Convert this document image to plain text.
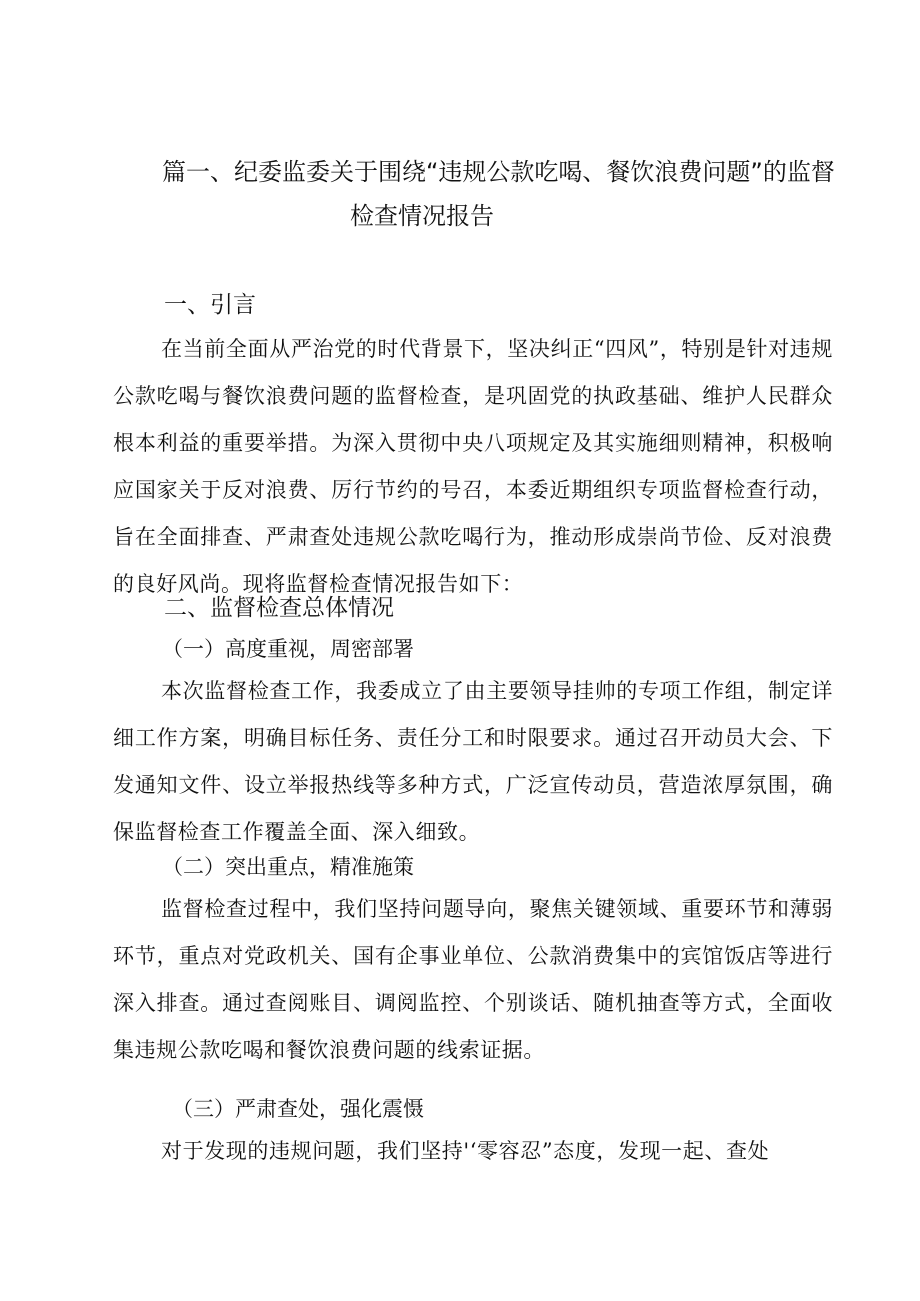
篇一、纪委监委关于围绕“违规公款吃喝、餐饮浪费问题”的监督
检查情况报告
一、引言
在当前全面从严治党的时代背景下，坚决纠正“四风”，特别是针对违规公款吃喝与餐饮浪费问题的监督检查，是巩固党的执政基础、维护人民群众根本利益的重要举措。为深入贯彻中央八项规定及其实施细则精神，积极响应国家关于反对浪费、厉行节约的号召，本委近期组织专项监督检查行动，旨在全面排查、严肃查处违规公款吃喝行为，推动形成崇尚节俭、反对浪费的良好风尚。现将监督检查情况报告如下：
二、监督检查总体情况
（一）高度重视，周密部署
本次监督检查工作，我委成立了由主要领导挂帅的专项工作组，制定详细工作方案，明确目标任务、责任分工和时限要求。通过召开动员大会、下发通知文件、设立举报热线等多种方式，广泛宣传动员，营造浓厚氛围，确保监督检查工作覆盖全面、深入细致。
（二）突出重点，精准施策
监督检查过程中，我们坚持问题导向，聚焦关键领域、重要环节和薄弱环节，重点对党政机关、国有企事业单位、公款消费集中的宾馆饭店等进行深入排查。通过查阅账目、调阅监控、个别谈话、随机抽查等方式，全面收集违规公款吃喝和餐饮浪费问题的线索证据。
（三）严肃查处，强化震慑
对于发现的违规问题，我们坚持'‘零容忍”态度，发现一起、查处
